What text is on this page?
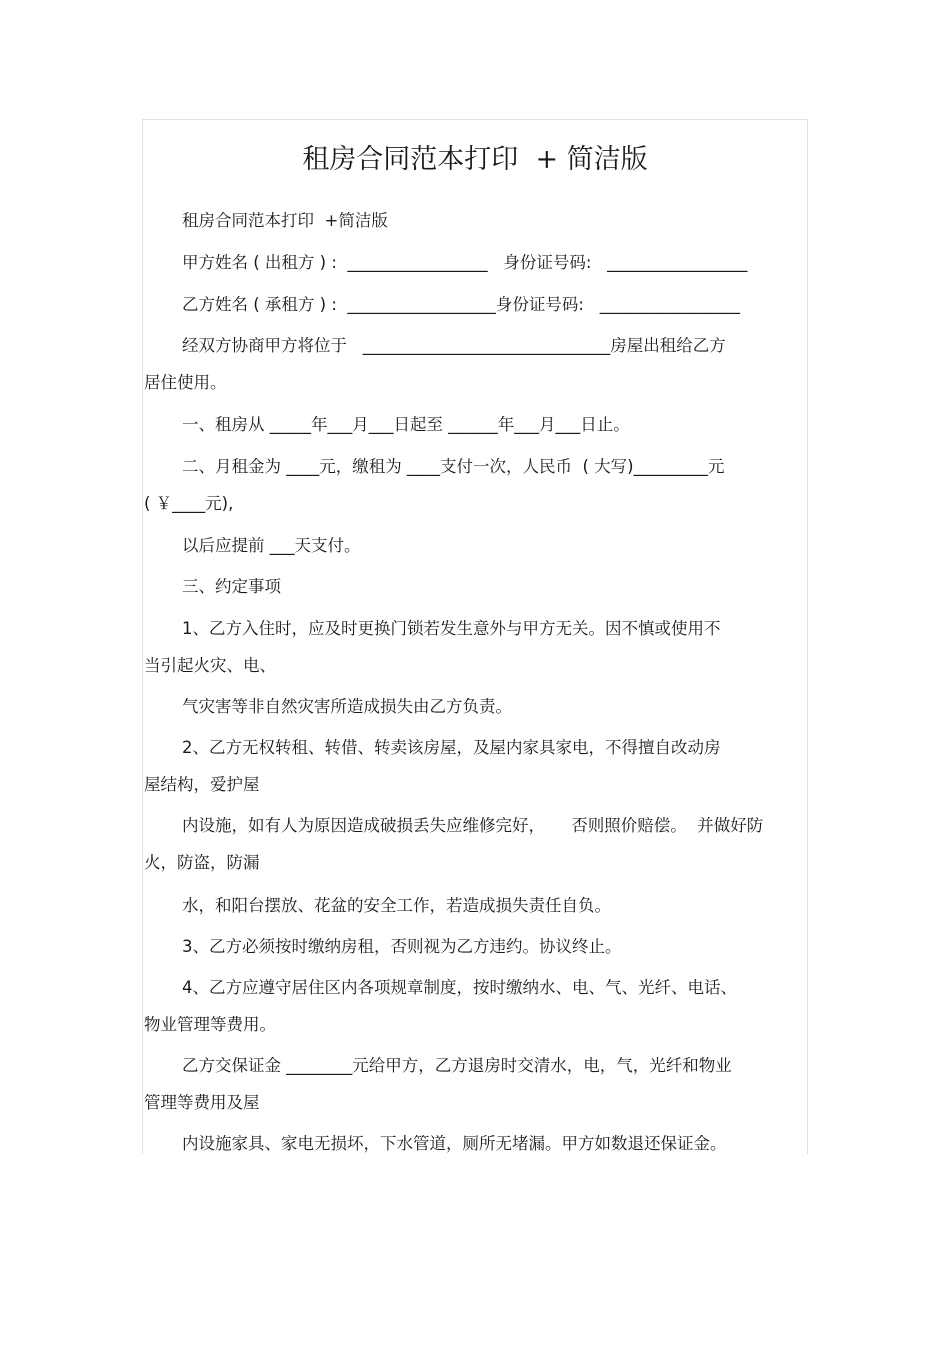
租房合同范本打印  + 简洁版
租房合同范本打印  +简洁版
甲方姓名 ( 出租方 ) :  _________________   身份证号码:   _________________
乙方姓名 ( 承租方 ) :  __________________身份证号码:   _________________
经双方协商甲方将位于   ______________________________房屋出租给乙方
居住使用。
一、租房从 _____年___月___日起至 ______年___月___日止。
二、月租金为 ____元，缴租为 ____支付一次，人民币  ( 大写)_________元
( ￥____元),
以后应提前 ___天支付。
三、约定事项
1、乙方入住时，应及时更换门锁若发生意外与甲方无关。因不慎或使用不
当引起火灾、电、
气灾害等非自然灾害所造成损失由乙方负责。
2、乙方无权转租、转借、转卖该房屋，及屋内家具家电，不得擅自改动房
屋结构，爱护屋
内设施，如有人为原因造成破损丢失应维修完好，     否则照价赔偿。  并做好防
火，防盗，防漏
水，和阳台摆放、花盆的安全工作，若造成损失责任自负。
3、乙方必须按时缴纳房租，否则视为乙方违约。协议终止。
4、乙方应遵守居住区内各项规章制度，按时缴纳水、电、气、光纤、电话、
物业管理等费用。
乙方交保证金 ________元给甲方，乙方退房时交清水，电，气，光纤和物业
管理等费用及屋
内设施家具、家电无损坏，下水管道，厕所无堵漏。甲方如数退还保证金。
